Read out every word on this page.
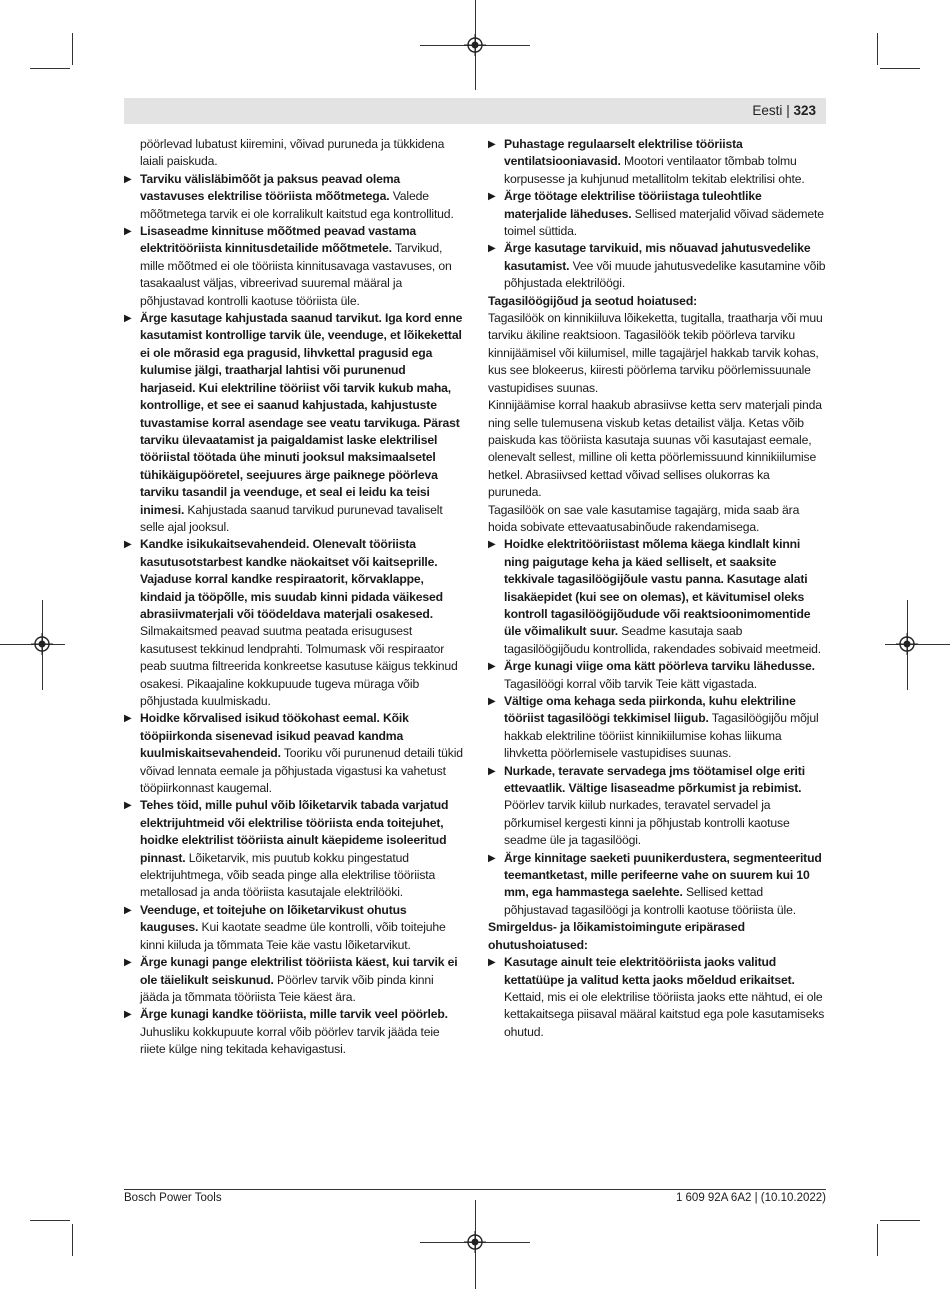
Eesti | 323

pöörlevad lubatust kiiremini, võivad puruneda ja tükkidena laiali paiskuda.

▶ Tarviku välisläbimõõt ja paksus peavad olema vastavuses elektrilise tööriista mõõtmetega. Valede mõõtmetega tarvik ei ole korralikult kaitstud ega kontrollitud.

▶ Lisaseadme kinnituse mõõtmed peavad vastama elektritööriista kinnitusdetailide mõõtmetele. Tarvikud, mille mõõtmed ei ole tööriista kinnitusavaga vastavuses, on tasakaalust väljas, vibreerivad suuremal määral ja põhjustavad kontrolli kaotuse tööriista üle.

▶ Ärge kasutage kahjustada saanud tarvikut. Iga kord enne kasutamist kontrollige tarvik üle, veenduge, et lõikekettal ei ole mõrasid ega pragusid, lihvkettal pragusid ega kulumise jälgi, traatharjal lahtisi või purunenud harjaseid. Kui elektriline tööriist või tarvik kukub maha, kontrollige, et see ei saanud kahjustada, kahjustuste tuvastamise korral asendage see veatu tarvikuga. Pärast tarviku ülevaatamist ja paigaldamist laske elektrilisel tööriistal töötada ühe minuti jooksul maksimaalsetel tühikäigupööretel, seejuures ärge paiknege pöörleva tarviku tasandil ja veenduge, et seal ei leidu ka teisi inimesi. Kahjustada saanud tarvikud purunevad tavaliselt selle ajal jooksul.

▶ Kandke isikukaitsevahendeid. Olenevalt tööriista kasutusotstarbest kandke näokaitset või kaitseprille. Vajaduse korral kandke respiraatorit, kõrvaklappe, kindaid ja tööpõlle, mis suudab kinni pidada väikesed abrasiivmaterjali või töödeldava materjali osakesed. Silmakaitsmed peavad suutma peatada erisugusest kasutusest tekkinud lendprahti. Tolmumask või respiraator peab suutma filtreerida konkreetse kasutuse käigus tekkinud osakesi. Pikaajaline kokkupuude tugeva müraga võib põhjustada kuulmiskadu.

▶ Hoidke kõrvalised isikud töökohast eemal. Kõik tööpiirkonda sisenevad isikud peavad kandma kuulmiskaitsevahendeid. Tooriku või purunenud detaili tükid võivad lennata eemale ja põhjustada vigastusi ka vahetust tööpiirkonnast kaugemal.

▶ Tehes töid, mille puhul võib lõiketarvik tabada varjatud elektrijuhtmeid või elektrilise tööriista enda toitejuhet, hoidke elektrilist tööriista ainult käepideme isoleeritud pinnast. Lõiketarvik, mis puutub kokku pingestatud elektrijuhtmega, võib seada pinge alla elektrilise tööriista metallosad ja anda tööriista kasutajale elektrilööki.

▶ Veenduge, et toitejuhe on lõiketarvikust ohutus kauguses. Kui kaotate seadme üle kontrolli, võib toitejuhe kinni kiiluda ja tõmmata Teie käe vastu lõiketarvikut.

▶ Ärge kunagi pange elektrilist tööriista käest, kui tarvik ei ole täielikult seiskunud. Pöörlev tarvik võib pinda kinni jääda ja tõmmata tööriista Teie käest ära.

▶ Ärge kunagi kandke tööriista, mille tarvik veel pöörleb. Juhusliku kokkupuute korral võib pöörlev tarvik jääda teie riiete külge ning tekitada kehavigastusi.

▶ Puhastage regulaarselt elektrilise tööriista ventilatsiooniavasid. Mootori ventilaator tõmbab tolmu korpusesse ja kuhjunud metallitolm tekitab elektrilisi ohte.

▶ Ärge töötage elektrilise tööriistaga tuleohtlike materjalide läheduses. Sellised materjalid võivad sädemete toimel süttida.

▶ Ärge kasutage tarvikuid, mis nõuavad jahutusvedelike kasutamist. Vee või muude jahutusvedelike kasutamine võib põhjustada elektrilöögi.

Tagasilöögijõud ja seotud hoiatused:

Tagasilöök on kinnikiiluva lõikeketta, tugitalla, traatharja või muu tarviku äkiline reaktsioon. Tagasilöök tekib pöörleva tarviku kinnijäämisel või kiilumisel, mille tagajärjel hakkab tarvik kohas, kus see blokeerus, kiiresti pöörlema tarviku pöörlemissuunale vastupidises suunas.

Kinnijäämise korral haakub abrasiivse ketta serv materjali pinda ning selle tulemusena viskub ketas detailist välja. Ketas võib paiskuda kas tööriista kasutaja suunas või kasutajast eemale, olenevalt sellest, milline oli ketta pöörlemissuund kinnikiilumise hetkel. Abrasiivsed kettad võivad sellises olukorras ka puruneda.

Tagasilöök on sae vale kasutamise tagajärg, mida saab ära hoida sobivate ettevaatusabinõude rakendamisega.

▶ Hoidke elektritööriistast mõlema käega kindlalt kinni ning paigutage keha ja käed selliselt, et saaksite tekkivale tagasilöögijõule vastu panna. Kasutage alati lisakäepidet (kui see on olemas), et kävitumisel oleks kontroll tagasilöögijõudude või reaktsioonimomentide üle võimalikult suur. Seadme kasutaja saab tagasilöögijõudu kontrollida, rakendades sobivaid meetmeid.

▶ Ärge kunagi viige oma kätt pöörleva tarviku lähedusse. Tagasilöögi korral võib tarvik Teie kätt vigastada.

▶ Vältige oma kehaga seda piirkonda, kuhu elektriline tööriist tagasilöögi tekkimisel liigub. Tagasilöögijõu mõjul hakkab elektriline tööriist kinnikiilumise kohas liikuma lihvketta pöörlemisele vastupidises suunas.

▶ Nurkade, teravate servadega jms töötamisel olge eriti ettevaatlik. Vältige lisaseadme põrkumist ja rebimist. Pöörlev tarvik kiilub nurkades, teravatel servadel ja põrkumisel kergesti kinni ja põhjustab kontrolli kaotuse seadme üle ja tagasilöögi.

▶ Ärge kinnitage saeketi puunikerdustera, segmenteeritud teemantketast, mille perifeerne vahe on suurem kui 10 mm, ega hammastega saelehte. Sellised kettad põhjustavad tagasilöögi ja kontrolli kaotuse tööriista üle.

Smirgeldus- ja lõikamistoimingute eripärased ohutushoiatused:

▶ Kasutage ainult teie elektritööriista jaoks valitud kettatüüpe ja valitud ketta jaoks mõeldud erikaitset. Kettaid, mis ei ole elektrilise tööriista jaoks ette nähtud, ei ole kettakaitsega piisaval määral kaitstud ega pole kasutamiseks ohutud.

Bosch Power Tools	1 609 92A 6A2 | (10.10.2022)
